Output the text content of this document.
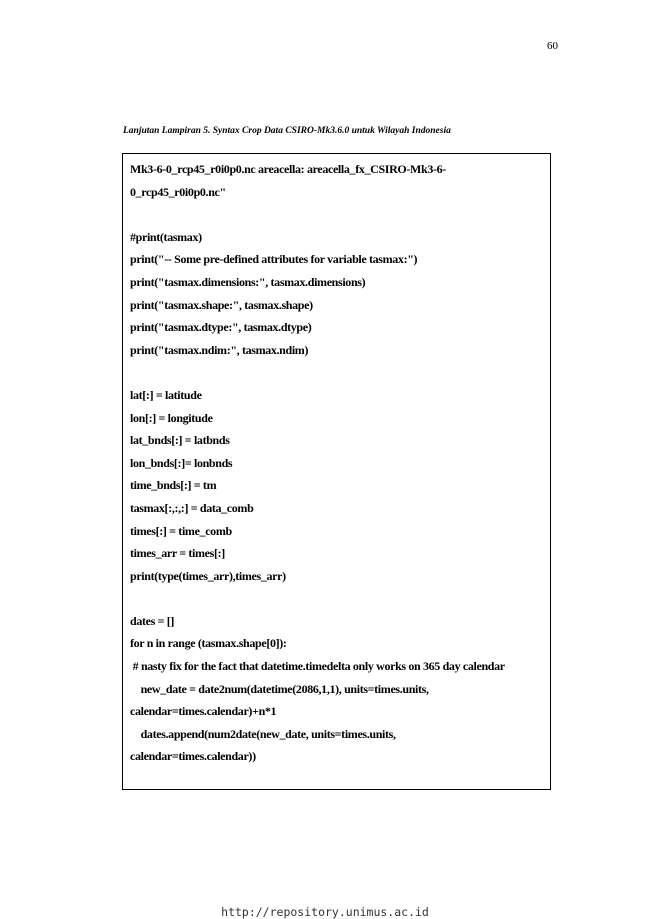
60
Lanjutan Lampiran 5. Syntax Crop Data CSIRO-Mk3.6.0 untuk Wilayah Indonesia
Mk3-6-0_rcp45_r0i0p0.nc areacella: areacella_fx_CSIRO-Mk3-6-
0_rcp45_r0i0p0.nc"
#print(tasmax)
print("-- Some pre-defined attributes for variable tasmax:")
print("tasmax.dimensions:", tasmax.dimensions)
print("tasmax.shape:", tasmax.shape)
print("tasmax.dtype:", tasmax.dtype)
print("tasmax.ndim:", tasmax.ndim)
lat[:] = latitude
lon[:] = longitude
lat_bnds[:] = latbnds
lon_bnds[:]= lonbnds
time_bnds[:] = tm
tasmax[:,:,:] = data_comb
times[:] = time_comb
times_arr = times[:]
print(type(times_arr),times_arr)
dates = []
for n in range (tasmax.shape[0]):
# nasty fix for the fact that datetime.timedelta only works on 365 day calendar
new_date = date2num(datetime(2086,1,1), units=times.units,
calendar=times.calendar)+n*1
dates.append(num2date(new_date, units=times.units,
calendar=times.calendar))
http://repository.unimus.ac.id
